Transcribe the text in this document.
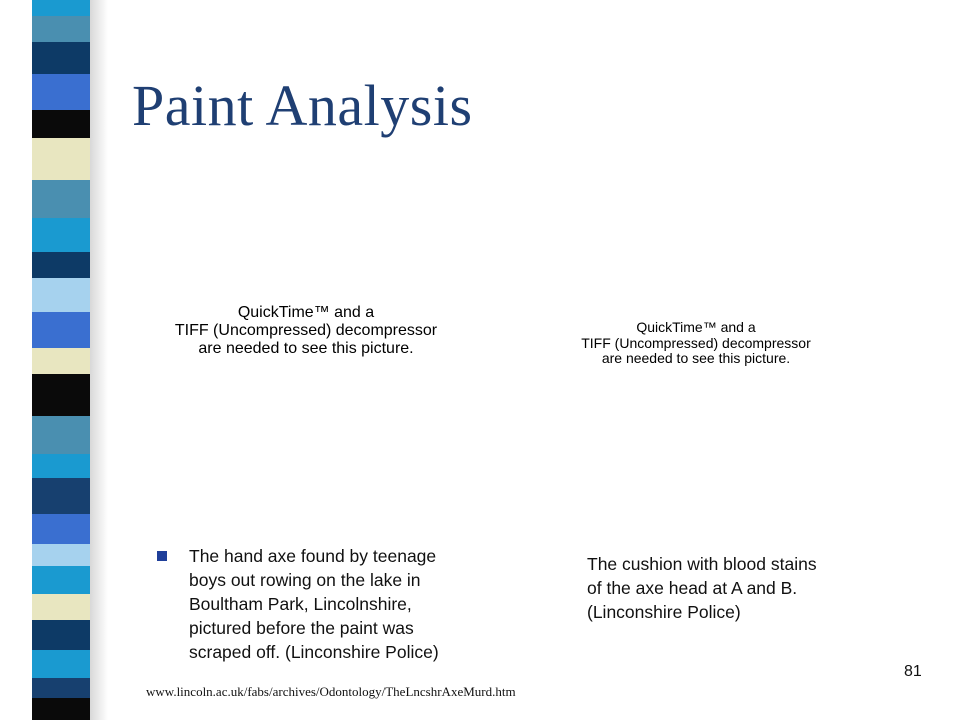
Paint Analysis
QuickTime™ and a
TIFF (Uncompressed) decompressor
are needed to see this picture.
QuickTime™ and a
TIFF (Uncompressed) decompressor
are needed to see this picture.
The hand axe found by teenage
boys out rowing on the lake in
Boultham Park, Lincolnshire,
pictured before the paint was
scraped off. (Linconshire Police)
The cushion with blood stains
of the axe head at A and B.
(Linconshire Police)
81
www.lincoln.ac.uk/fabs/archives/Odontology/TheLncshrAxeMurd.htm
